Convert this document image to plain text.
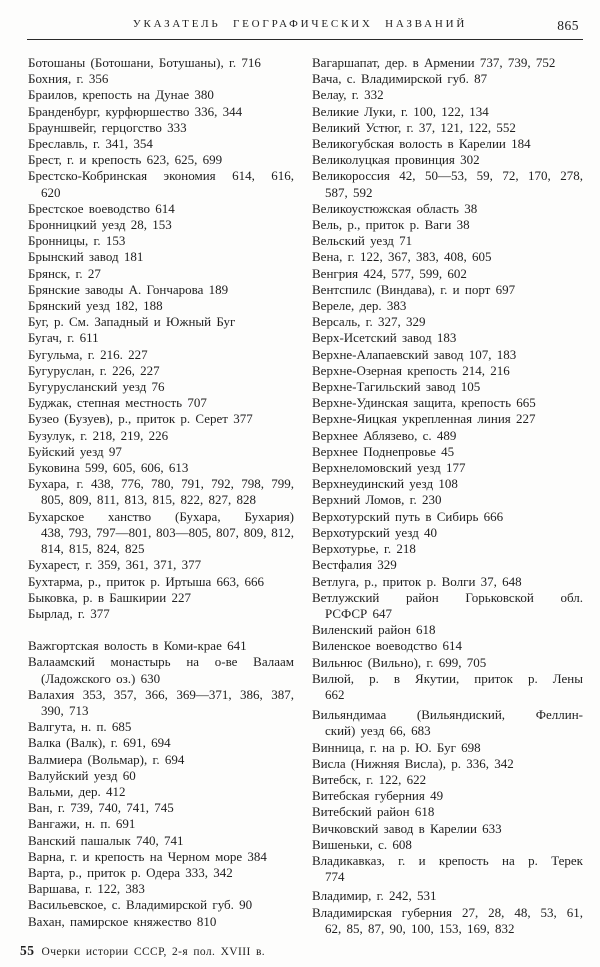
УКАЗАТЕЛЬ ГЕОГРАФИЧЕСКИХ НАЗВАНИЙ	865
Ботошаны (Ботошани, Ботушаны), г. 716
Бохния, г. 356
Браилов, крепость на Дунае 380
Бранденбург, курфюршество 336, 344
Брауншвейг, герцогство 333
Бреславль, г. 341, 354
Брест, г. и крепость 623, 625, 699
Брестско-Кобринская экономия 614, 616,
620
Брестское воеводство 614
Бронницкий уезд 28, 153
Бронницы, г. 153
Брынский завод 181
Брянск, г. 27
Брянские заводы А. Гончарова 189
Брянский уезд 182, 188
Буг, р. См. Западный и Южный Буг
Бугач, г. 611
Бугульма, г. 216. 227
Бугуруслан, г. 226, 227
Бугурусланский уезд 76
Буджак, степная местность 707
Бузео (Бузуев), р., приток р. Серет 377
Бузулук, г. 218, 219, 226
Буйский уезд 97
Буковина 599, 605, 606, 613
Бухара, г. 438, 776, 780, 791, 792, 798, 799,
805, 809, 811, 813, 815, 822, 827, 828
Бухарское ханство (Бухара, Бухария)
438, 793, 797—801, 803—805, 807, 809, 812,
814, 815, 824, 825
Бухарест, г. 359, 361, 371, 377
Бухтарма, р., приток р. Иртыша 663, 666
Быковка, р. в Башкирии 227
Бырлад, г. 377
Важгортская волость в Коми-крае 641
Валаамский монастырь на о-ве Валаам
(Ладожского оз.) 630
Валахия 353, 357, 366, 369—371, 386, 387,
390, 713
Валгута, н. п. 685
Валка (Валк), г. 691, 694
Валмиера (Вольмар), г. 694
Валуйский уезд 60
Вальми, дер. 412
Ван, г. 739, 740, 741, 745
Вангажи, н. п. 691
Ванский пашалык 740, 741
Варна, г. и крепость на Черном море 384
Варта, р., приток р. Одера 333, 342
Варшава, г. 122, 383
Васильевское, с. Владимирской губ. 90
Вахан, памирское княжество 810
Вагаршапат, дер. в Армении 737, 739, 752
Вача, с. Владимирской губ. 87
Велау, г. 332
Великие Луки, г. 100, 122, 134
Великий Устюг, г. 37, 121, 122, 552
Великогубская волость в Карелии 184
Великолуцкая провинция 302
Великороссия 42, 50—53, 59, 72, 170, 278,
587, 592
Великоустюжская область 38
Вель, р., приток р. Ваги 38
Вельский уезд 71
Вена, г. 122, 367, 383, 408, 605
Венгрия 424, 577, 599, 602
Вентспилс (Виндава), г. и порт 697
Вереле, дер. 383
Версаль, г. 327, 329
Верх-Исетский завод 183
Верхне-Алапаевский завод 107, 183
Верхне-Озерная крепость 214, 216
Верхне-Тагильский завод 105
Верхне-Удинская защита, крепость 665
Верхне-Яицкая укрепленная линия 227
Верхнее Аблязево, с. 489
Верхнее Поднепровье 45
Верхнеломовский уезд 177
Верхнеудинский уезд 108
Верхний Ломов, г. 230
Верхотурский путь в Сибирь 666
Верхотурский уезд 40
Верхотурье, г. 218
Вестфалия 329
Ветлуга, р., приток р. Волги 37, 648
Ветлужский район Горьковской обл.
РСФСР 647
Виленский район 618
Виленское воеводство 614
Вильнюс (Вильно), г. 699, 705
Вилюй, р. в Якутии, приток р. Лены
662
Вильяндимаа (Вильяндиский, Феллин-
ский) уезд 66, 683
Винница, г. на р. Ю. Буг 698
Висла (Нижняя Висла), р. 336, 342
Витебск, г. 122, 622
Витебская губерния 49
Витебский район 618
Вичковский завод в Карелии 633
Вишеньки, с. 608
Владикавказ, г. и крепость на р. Терек
774
Владимир, г. 242, 531
Владимирская губерния 27, 28, 48, 53, 61,
62, 85, 87, 90, 100, 153, 169, 832
55 Очерки истории СССР, 2-я пол. XVIII в.
